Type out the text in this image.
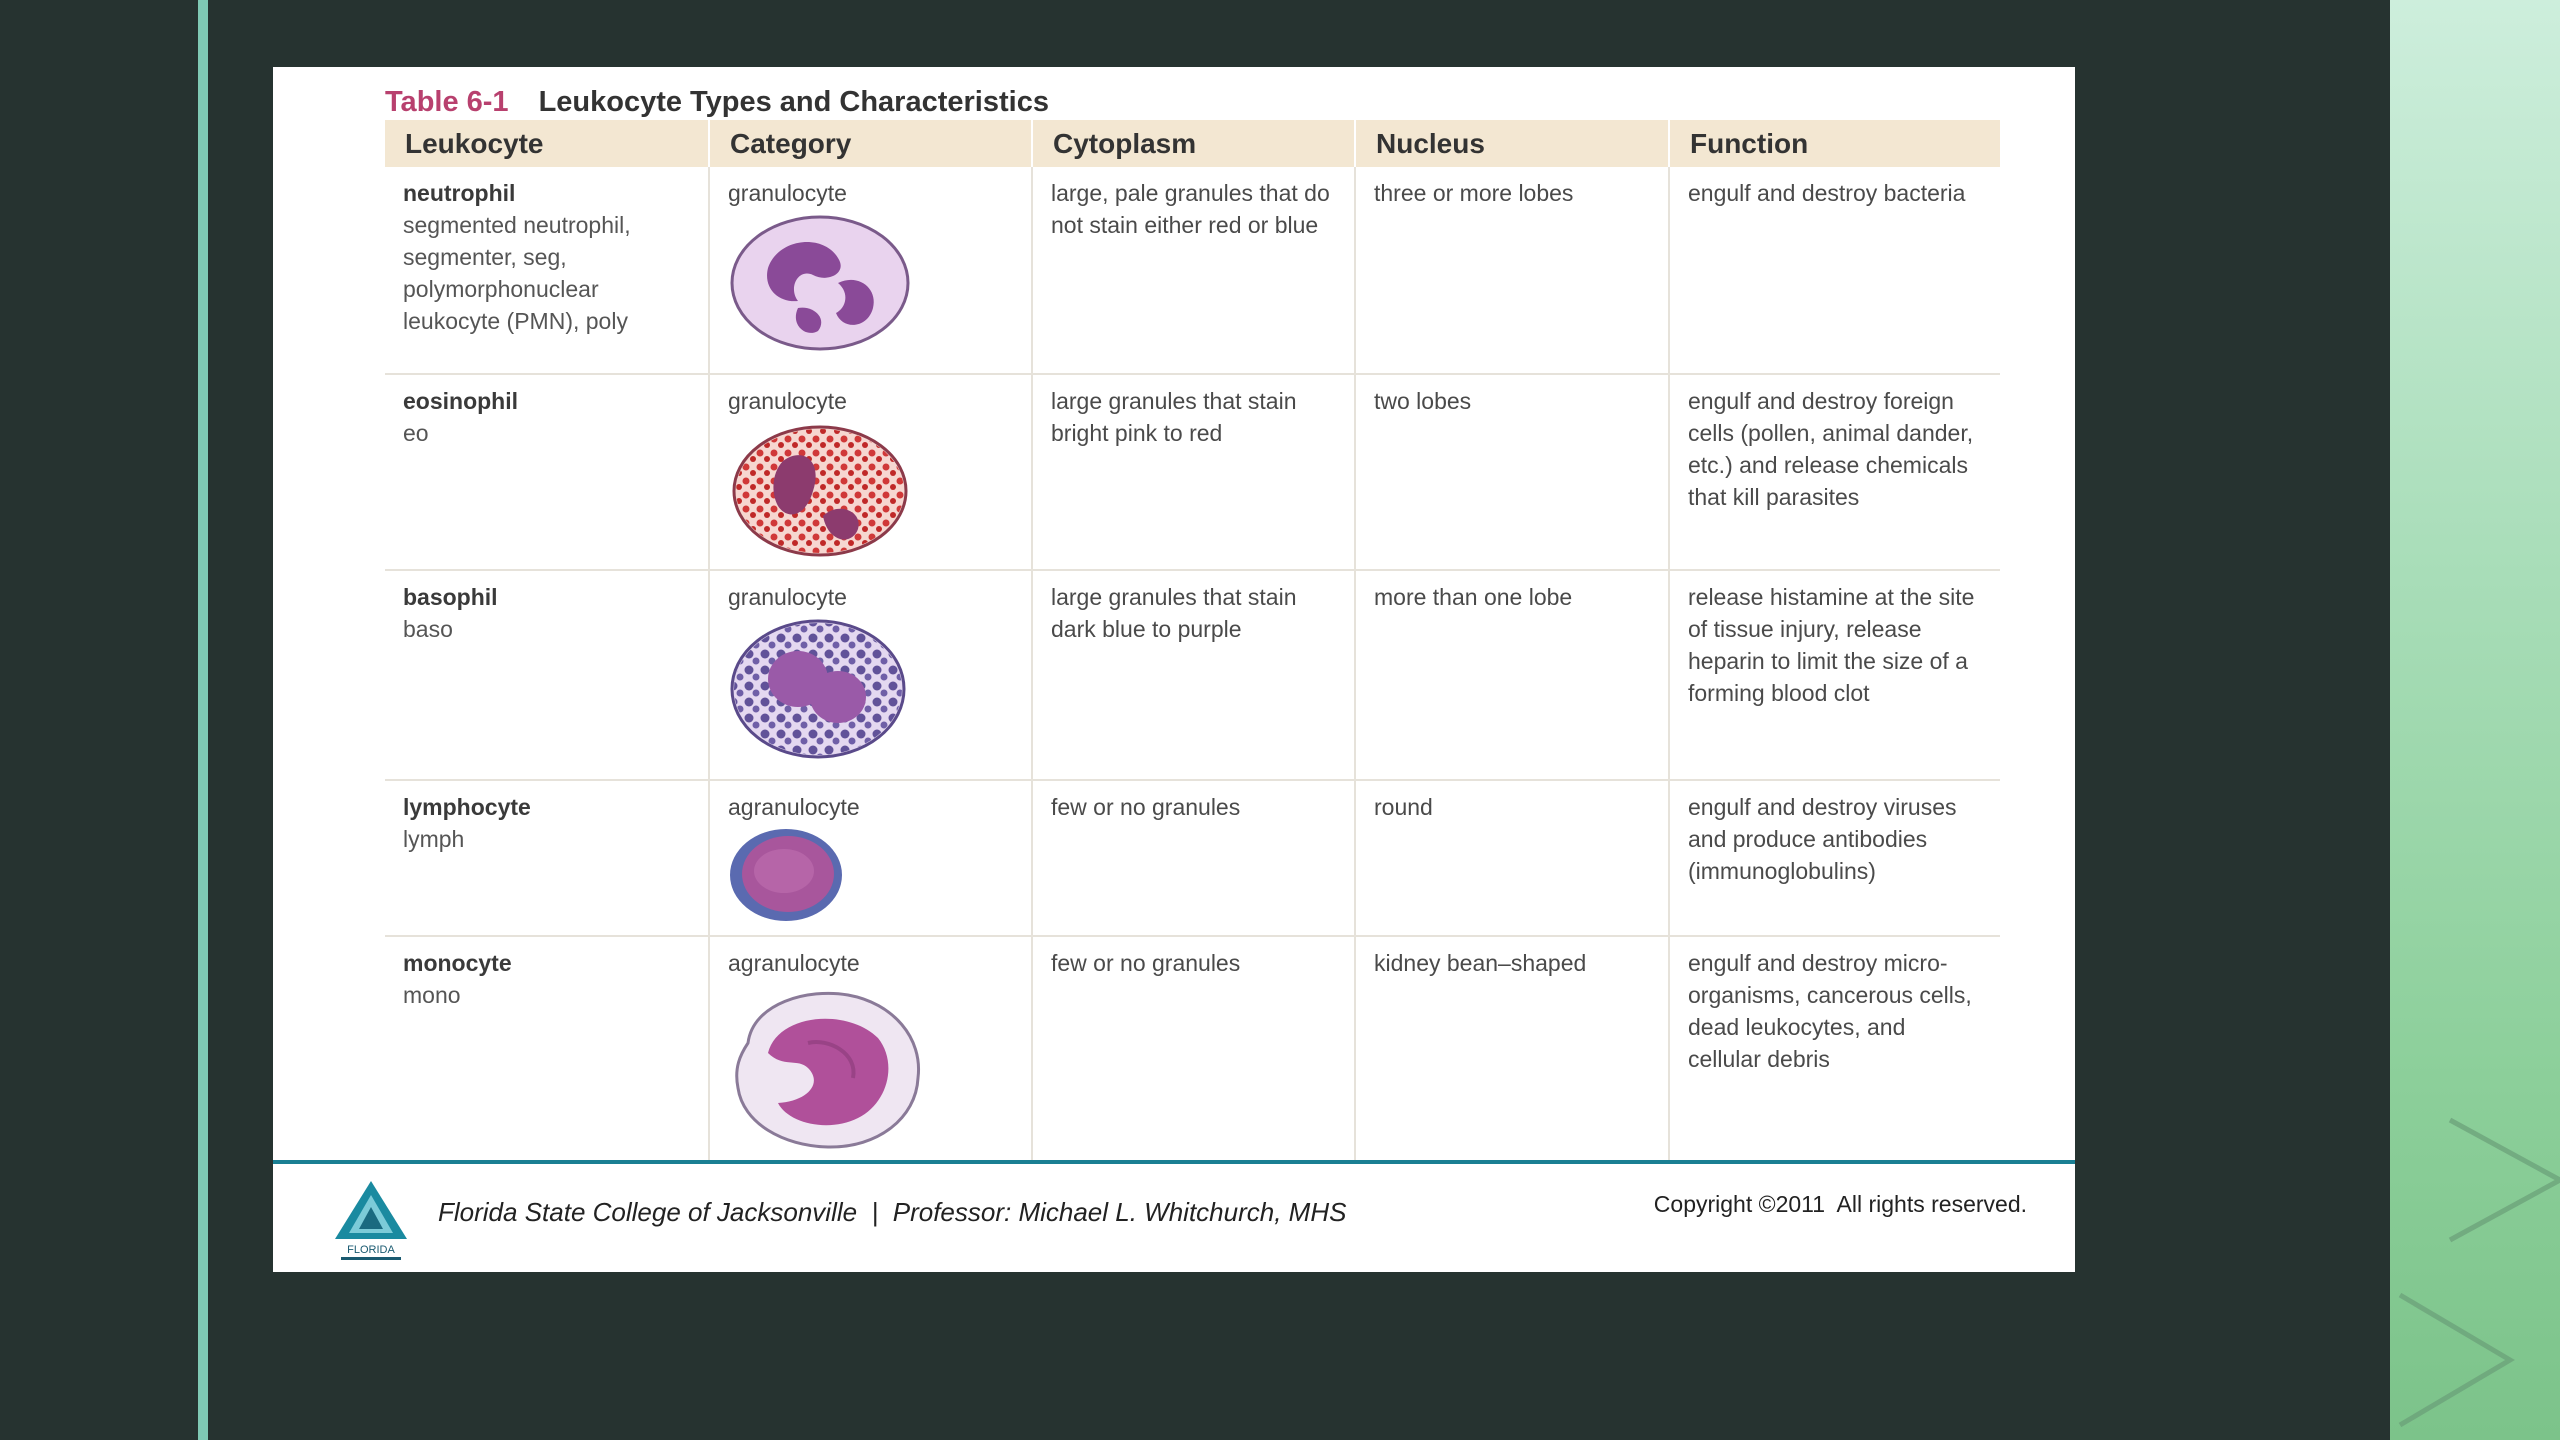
Table 6-1 Leukocyte Types and Characteristics
Leukocyte	Category	Cytoplasm	Nucleus	Function

neutrophil
segmented neutrophil, segmenter, seg, polymorphonuclear leukocyte (PMN), poly	granulocyte	large, pale granules that do not stain either red or blue	three or more lobes	engulf and destroy bacteria

eosinophil
eo	granulocyte	large granules that stain bright pink to red	two lobes	engulf and destroy foreign cells (pollen, animal dander, etc.) and release chemicals that kill parasites

basophil
baso	granulocyte	large granules that stain dark blue to purple	more than one lobe	release histamine at the site of tissue injury, release heparin to limit the size of a forming blood clot

lymphocyte
lymph	agranulocyte	few or no granules	round	engulf and destroy viruses and produce antibodies (immunoglobulins)

monocyte
mono	agranulocyte	few or no granules	kidney bean–shaped	engulf and destroy micro-organisms, cancerous cells, dead leukocytes, and cellular debris
FLORIDA
Florida State College of Jacksonville  |  Professor: Michael L. Whitchurch, MHS	Copyright ©2011  All rights reserved.
